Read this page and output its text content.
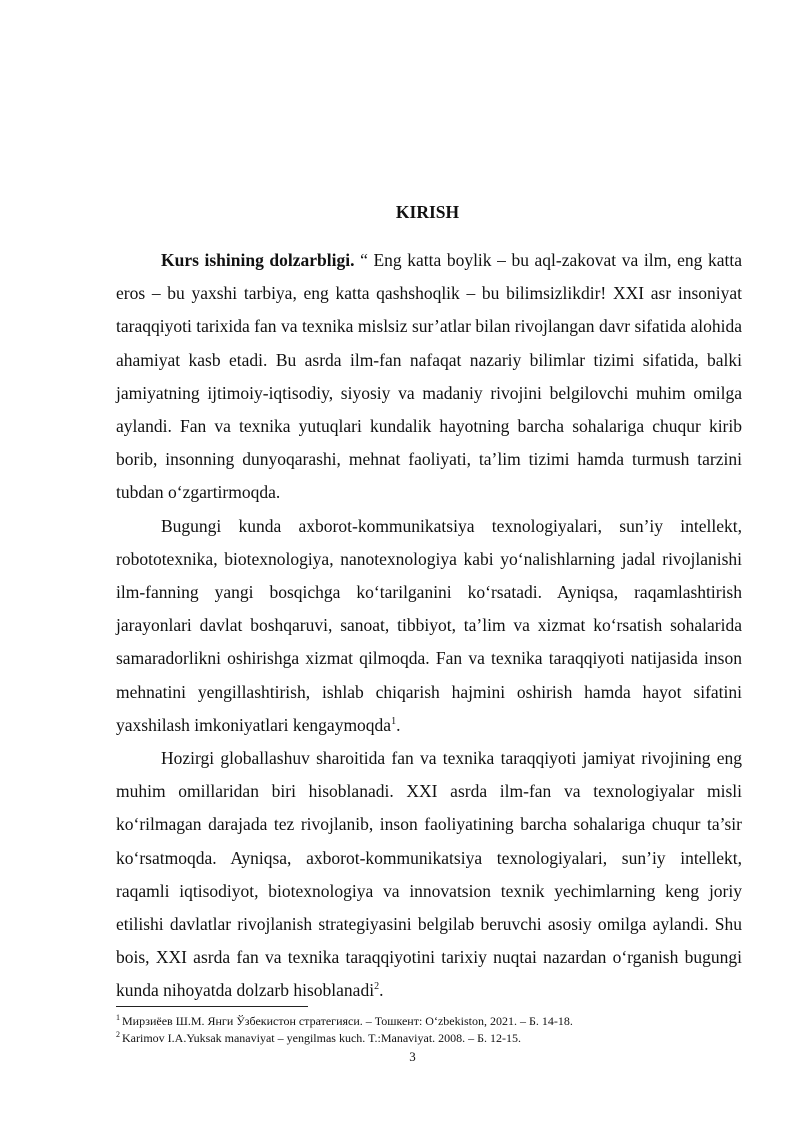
KIRISH

Kurs ishining dolzarbligi. “ Eng katta boylik – bu aql-zakovat va ilm, eng katta eros – bu yaxshi tarbiya, eng katta qashshoqlik – bu bilimsizlikdir! XXI asr insoniyat taraqqiyoti tarixida fan va texnika mislsiz sur’atlar bilan rivojlangan davr sifatida alohida ahamiyat kasb etadi. Bu asrda ilm-fan nafaqat nazariy bilimlar tizimi sifatida, balki jamiyatning ijtimoiy-iqtisodiy, siyosiy va madaniy rivojini belgilovchi muhim omilga aylandi. Fan va texnika yutuqlari kundalik hayotning barcha sohalariga chuqur kirib borib, insonning dunyoqarashi, mehnat faoliyati, ta’lim tizimi hamda turmush tarzini tubdan o‘zgartirmoqda.

Bugungi kunda axborot-kommunikatsiya texnologiyalari, sun’iy intellekt, robototexnika, biotexnologiya, nanotexnologiya kabi yo‘nalishlarning jadal rivojlanishi ilm-fanning yangi bosqichga ko‘tarilganini ko‘rsatadi. Ayniqsa, raqamlashtirish jarayonlari davlat boshqaruvi, sanoat, tibbiyot, ta’lim va xizmat ko‘rsatish sohalarida samaradorlikni oshirishga xizmat qilmoqda. Fan va texnika taraqqiyoti natijasida inson mehnatini yengillashtirish, ishlab chiqarish hajmini oshirish hamda hayot sifatini yaxshilash imkoniyatlari kengaymoqda$^1$.

Hozirgi globallashuv sharoitida fan va texnika taraqqiyoti jamiyat rivojining eng muhim omillaridan biri hisoblanadi. XXI asrda ilm-fan va texnologiyalar misli ko‘rilmagan darajada tez rivojlanib, inson faoliyatining barcha sohalariga chuqur ta’sir ko‘rsatmoqda. Ayniqsa, axborot-kommunikatsiya texnologiyalari, sun’iy intellekt, raqamli iqtisodiyot, biotexnologiya va innovatsion texnik yechimlarning keng joriy etilishi davlatlar rivojlanish strategiyasini belgilab beruvchi asosiy omilga aylandi. Shu bois, XXI asrda fan va texnika taraqqiyotini tarixiy nuqtai nazardan o‘rganish bugungi kunda nihoyatda dolzarb hisoblanadi$^2$.

$^1$ Мирзиёев Ш.М. Янги Ўзбекистон стратегияси. – Тошкент: O‘zbekiston, 2021. – Б. 14-18.
$^2$ Karimov I.A.Yuksak manaviyat – yengilmas kuch. T.:Manaviyat. 2008. – Б. 12-15.
3
